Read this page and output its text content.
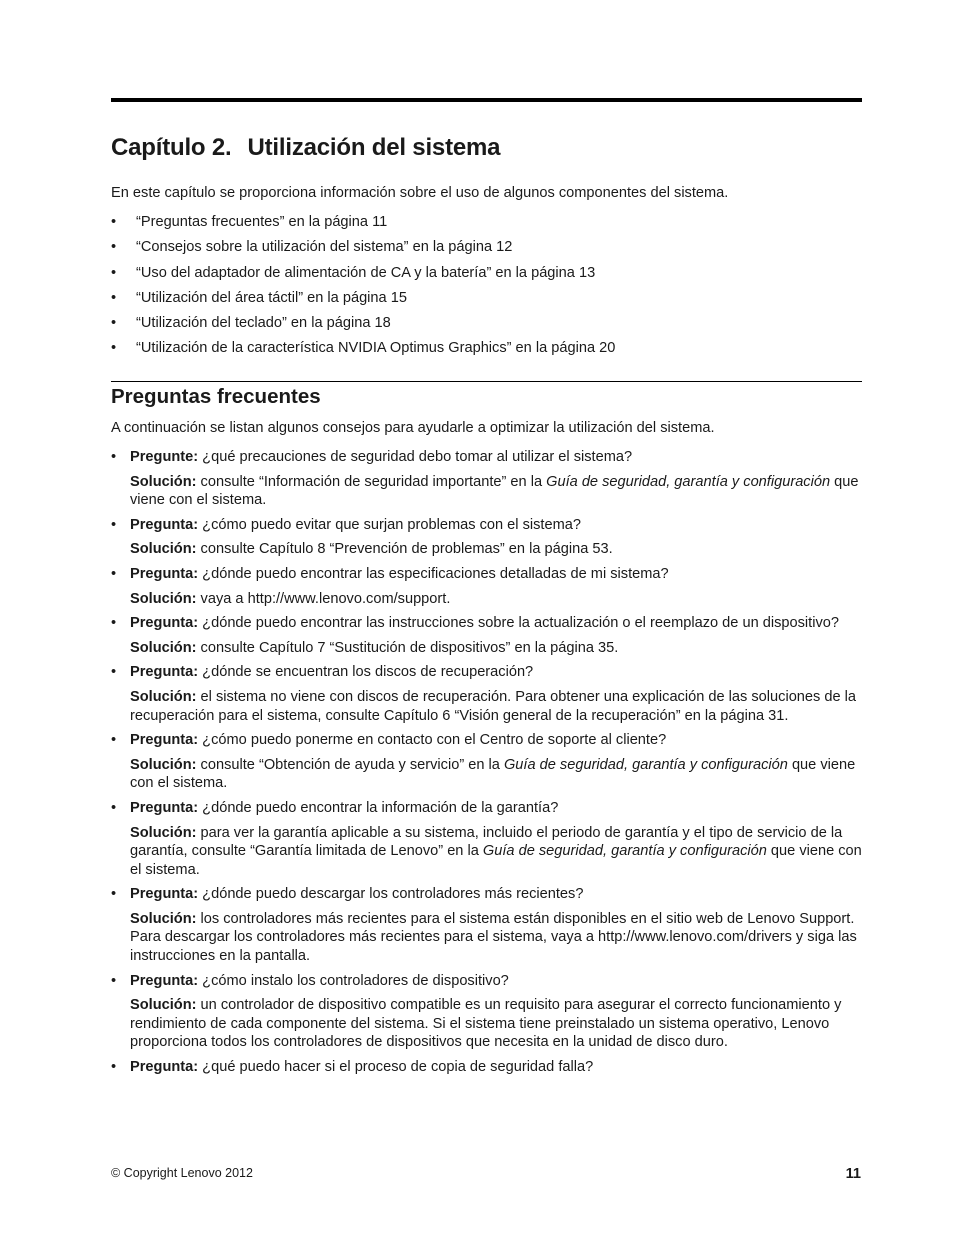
Capítulo 2. Utilización del sistema

En este capítulo se proporciona información sobre el uso de algunos componentes del sistema.

• “Preguntas frecuentes” en la página 11
• “Consejos sobre la utilización del sistema” en la página 12
• “Uso del adaptador de alimentación de CA y la batería” en la página 13
• “Utilización del área táctil” en la página 15
• “Utilización del teclado” en la página 18
• “Utilización de la característica NVIDIA Optimus Graphics” en la página 20
Preguntas frecuentes

A continuación se listan algunos consejos para ayudarle a optimizar la utilización del sistema.

• Pregunte: ¿qué precauciones de seguridad debo tomar al utilizar el sistema?

Solución: consulte “Información de seguridad importante” en la Guía de seguridad, garantía y configuración que viene con el sistema.

• Pregunta: ¿cómo puedo evitar que surjan problemas con el sistema?

Solución: consulte Capítulo 8 “Prevención de problemas” en la página 53.

• Pregunta: ¿dónde puedo encontrar las especificaciones detalladas de mi sistema?

Solución: vaya a http://www.lenovo.com/support.

• Pregunta: ¿dónde puedo encontrar las instrucciones sobre la actualización o el reemplazo de un dispositivo?

Solución: consulte Capítulo 7 “Sustitución de dispositivos” en la página 35.

• Pregunta: ¿dónde se encuentran los discos de recuperación?

Solución: el sistema no viene con discos de recuperación. Para obtener una explicación de las soluciones de la recuperación para el sistema, consulte Capítulo 6 “Visión general de la recuperación” en la página 31.

• Pregunta: ¿cómo puedo ponerme en contacto con el Centro de soporte al cliente?

Solución: consulte “Obtención de ayuda y servicio” en la Guía de seguridad, garantía y configuración que viene con el sistema.

• Pregunta: ¿dónde puedo encontrar la información de la garantía?

Solución: para ver la garantía aplicable a su sistema, incluido el periodo de garantía y el tipo de servicio de la garantía, consulte “Garantía limitada de Lenovo” en la Guía de seguridad, garantía y configuración que viene con el sistema.

• Pregunta: ¿dónde puedo descargar los controladores más recientes?

Solución: los controladores más recientes para el sistema están disponibles en el sitio web de Lenovo Support. Para descargar los controladores más recientes para el sistema, vaya a http://www.lenovo.com/drivers y siga las instrucciones en la pantalla.

• Pregunta: ¿cómo instalo los controladores de dispositivo?

Solución: un controlador de dispositivo compatible es un requisito para asegurar el correcto funcionamiento y rendimiento de cada componente del sistema. Si el sistema tiene preinstalado un sistema operativo, Lenovo proporciona todos los controladores de dispositivos que necesita en la unidad de disco duro.

• Pregunta: ¿qué puedo hacer si el proceso de copia de seguridad falla?

© Copyright Lenovo 2012	11
